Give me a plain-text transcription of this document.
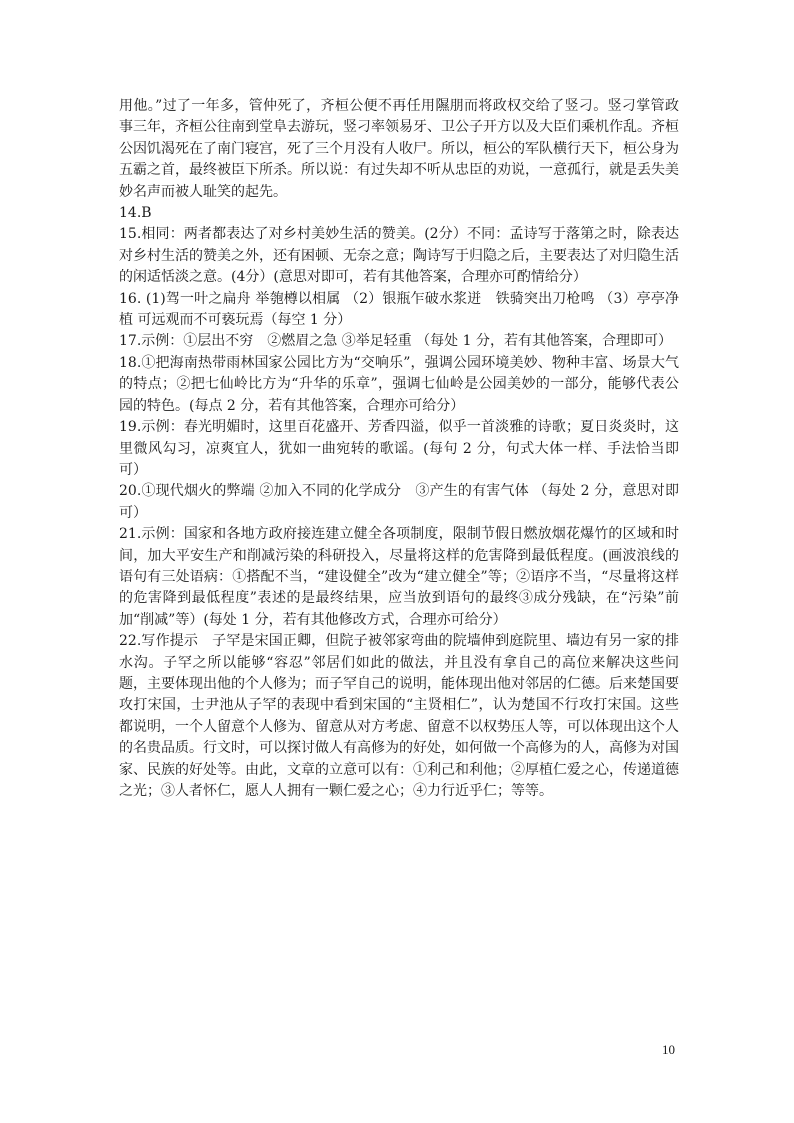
用他。”过了一年多，管仲死了，齐桓公便不再任用隰朋而将政权交给了竖刁。竖刁掌管政事三年，齐桓公往南到堂阜去游玩，竖刁率领易牙、卫公子开方以及大臣们乘机作乱。齐桓公因饥渴死在了南门寝宫，死了三个月没有人收尸。所以，桓公的军队横行天下，桓公身为五霸之首，最终被臣下所杀。所以说：有过失却不听从忠臣的劝说，一意孤行，就是丢失美妙名声而被人耻笑的起先。

14.B

15.相同：两者都表达了对乡村美妙生活的赞美。(2分）不同：孟诗写于落第之时，除表达对乡村生活的赞美之外，还有困顿、无奈之意；陶诗写于归隐之后，主要表达了对归隐生活的闲适恬淡之意。(4分）(意思对即可，若有其他答案，合理亦可酌情给分）

16. (1)驾一叶之扁舟 举匏樽以相属 （2）银瓶乍破水浆迸　铁骑突出刀枪鸣 （3）亭亭净植 可远观而不可亵玩焉（每空 1 分）

17.示例：①层出不穷　②燃眉之急 ③举足轻重 （每处 1 分，若有其他答案，合理即可）

18.①把海南热带雨林国家公园比方为“交响乐”，强调公园环境美妙、物种丰富、场景大气的特点；②把七仙岭比方为“升华的乐章”，强调七仙岭是公园美妙的一部分，能够代表公园的特色。(每点 2 分，若有其他答案，合理亦可给分）

19.示例：春光明媚时，这里百花盛开、芳香四溢，似乎一首淡雅的诗歌；夏日炎炎时，这里微风勾习，凉爽宜人，犹如一曲宛转的歌谣。(每句 2 分，句式大体一样、手法恰当即可）

20.①现代烟火的弊端 ②加入不同的化学成分　③产生的有害气体 （每处 2 分，意思对即可）

21.示例：国家和各地方政府接连建立健全各项制度，限制节假日燃放烟花爆竹的区域和时间，加大平安生产和削减污染的科研投入，尽量将这样的危害降到最低程度。(画波浪线的语句有三处语病：①搭配不当，“建设健全”改为“建立健全”等；②语序不当，“尽量将这样的危害降到最低程度”表述的是最终结果，应当放到语句的最终③成分残缺，在“污染”前加“削减”等）(每处 1 分，若有其他修改方式，合理亦可给分）

22.写作提示　子罕是宋国正卿，但院子被邻家弯曲的院墙伸到庭院里、墙边有另一家的排水沟。子罕之所以能够“容忍”邻居们如此的做法，并且没有拿自己的高位来解决这些问题，主要体现出他的个人修为；而子罕自己的说明，能体现出他对邻居的仁德。后来楚国要攻打宋国，士尹池从子罕的表现中看到宋国的“主贤相仁”，认为楚国不行攻打宋国。这些都说明，一个人留意个人修为、留意从对方考虑、留意不以权势压人等，可以体现出这个人的名贵品质。行文时，可以探讨做人有高修为的好处，如何做一个高修为的人，高修为对国家、民族的好处等。由此，文章的立意可以有：①利己和利他；②厚植仁爱之心，传递道德之光；③人者怀仁，愿人人拥有一颗仁爱之心；④力行近乎仁；等等。

10
